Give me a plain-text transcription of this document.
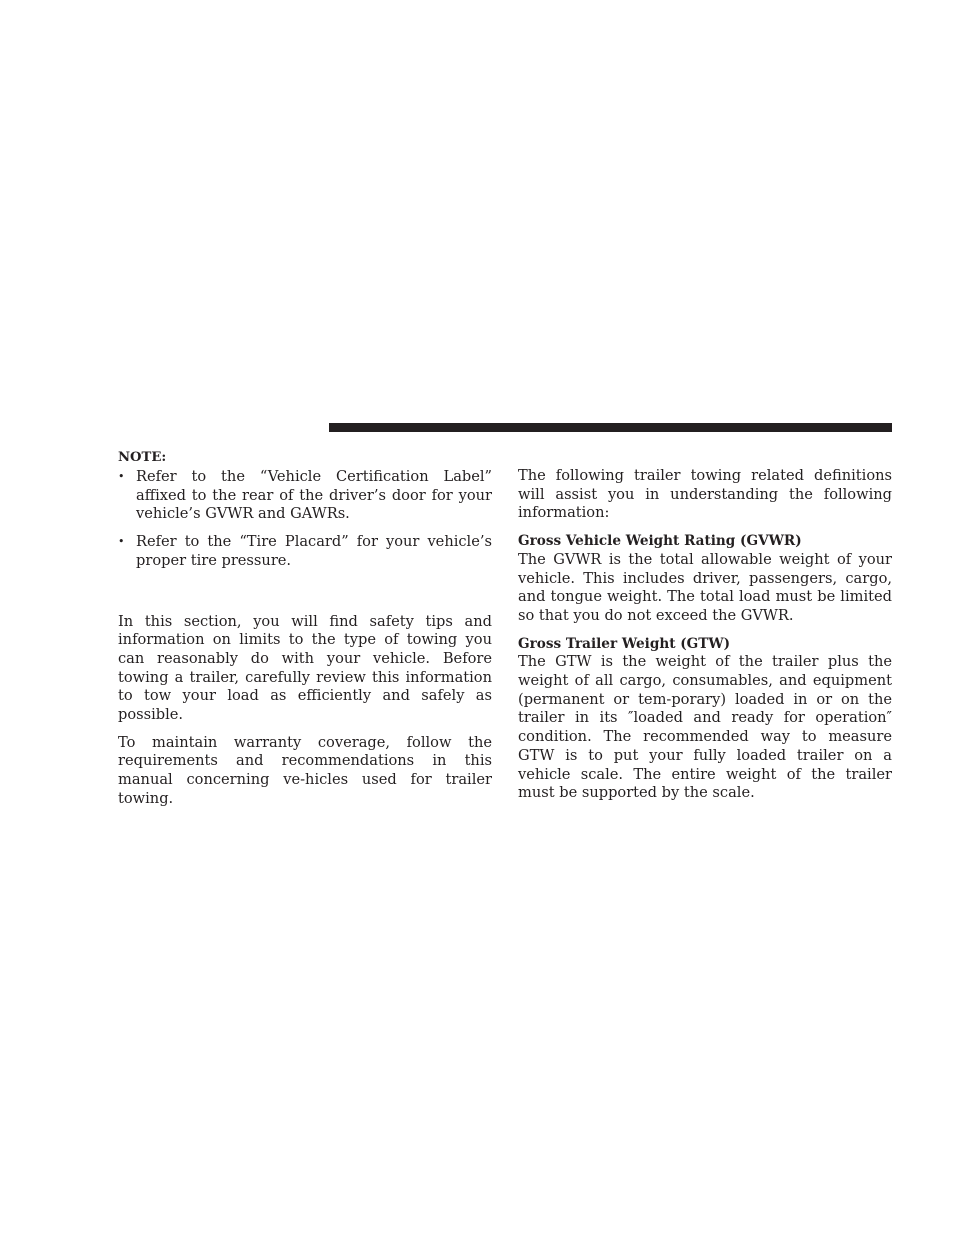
NOTE:
• Refer to the “Vehicle Certification Label” affixed to the rear of the driver’s door for your vehicle’s GVWR and GAWRs.
• Refer to the “Tire Placard” for your vehicle’s proper tire pressure.

In this section, you will find safety tips and information on limits to the type of towing you can reasonably do with your vehicle. Before towing a trailer, carefully review this information to tow your load as efficiently and safely as possible.

To maintain warranty coverage, follow the requirements and recommendations in this manual concerning ve-hicles used for trailer towing.

The following trailer towing related definitions will assist you in understanding the following information:

Gross Vehicle Weight Rating (GVWR)

The GVWR is the total allowable weight of your vehicle. This includes driver, passengers, cargo, and tongue weight. The total load must be limited so that you do not exceed the GVWR.

Gross Trailer Weight (GTW)

The GTW is the weight of the trailer plus the weight of all cargo, consumables, and equipment (permanent or tem-porary) loaded in or on the trailer in its ″loaded and ready for operation″ condition. The recommended way to measure GTW is to put your fully loaded trailer on a vehicle scale. The entire weight of the trailer must be supported by the scale.
